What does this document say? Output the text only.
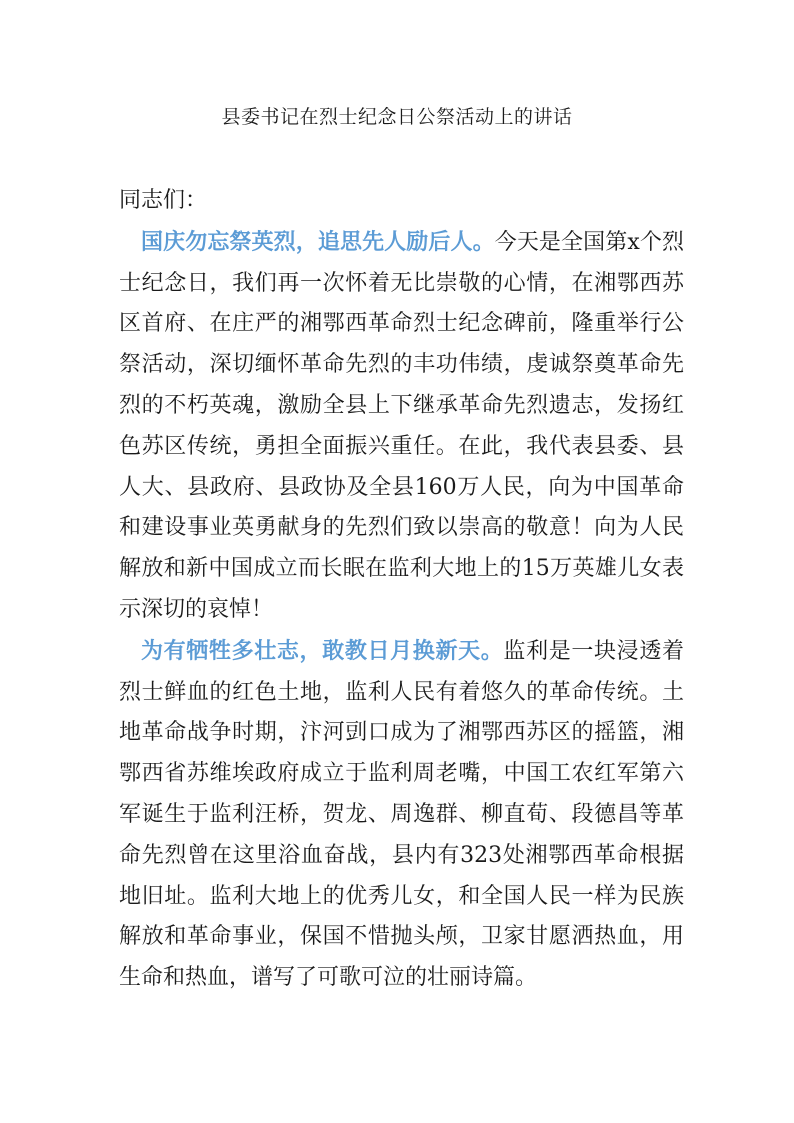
县委书记在烈士纪念日公祭活动上的讲话

同志们：

国庆勿忘祭英烈，追思先人励后人。今天是全国第x个烈士纪念日，我们再一次怀着无比崇敬的心情，在湘鄂西苏区首府、在庄严的湘鄂西革命烈士纪念碑前，隆重举行公祭活动，深切缅怀革命先烈的丰功伟绩，虔诚祭奠革命先烈的不朽英魂，激励全县上下继承革命先烈遗志，发扬红色苏区传统，勇担全面振兴重任。在此，我代表县委、县人大、县政府、县政协及全县160万人民，向为中国革命和建设事业英勇献身的先烈们致以崇高的敬意！向为人民解放和新中国成立而长眠在监利大地上的15万英雄儿女表示深切的哀悼！

为有牺牲多壮志，敢教日月换新天。监利是一块浸透着烈士鲜血的红色土地，监利人民有着悠久的革命传统。土地革命战争时期，汴河剅口成为了湘鄂西苏区的摇篮，湘鄂西省苏维埃政府成立于监利周老嘴，中国工农红军第六军诞生于监利汪桥，贺龙、周逸群、柳直荀、段德昌等革命先烈曾在这里浴血奋战，县内有323处湘鄂西革命根据地旧址。监利大地上的优秀儿女，和全国人民一样为民族解放和革命事业，保国不惜抛头颅，卫家甘愿洒热血，用生命和热血，谱写了可歌可泣的壮丽诗篇。
